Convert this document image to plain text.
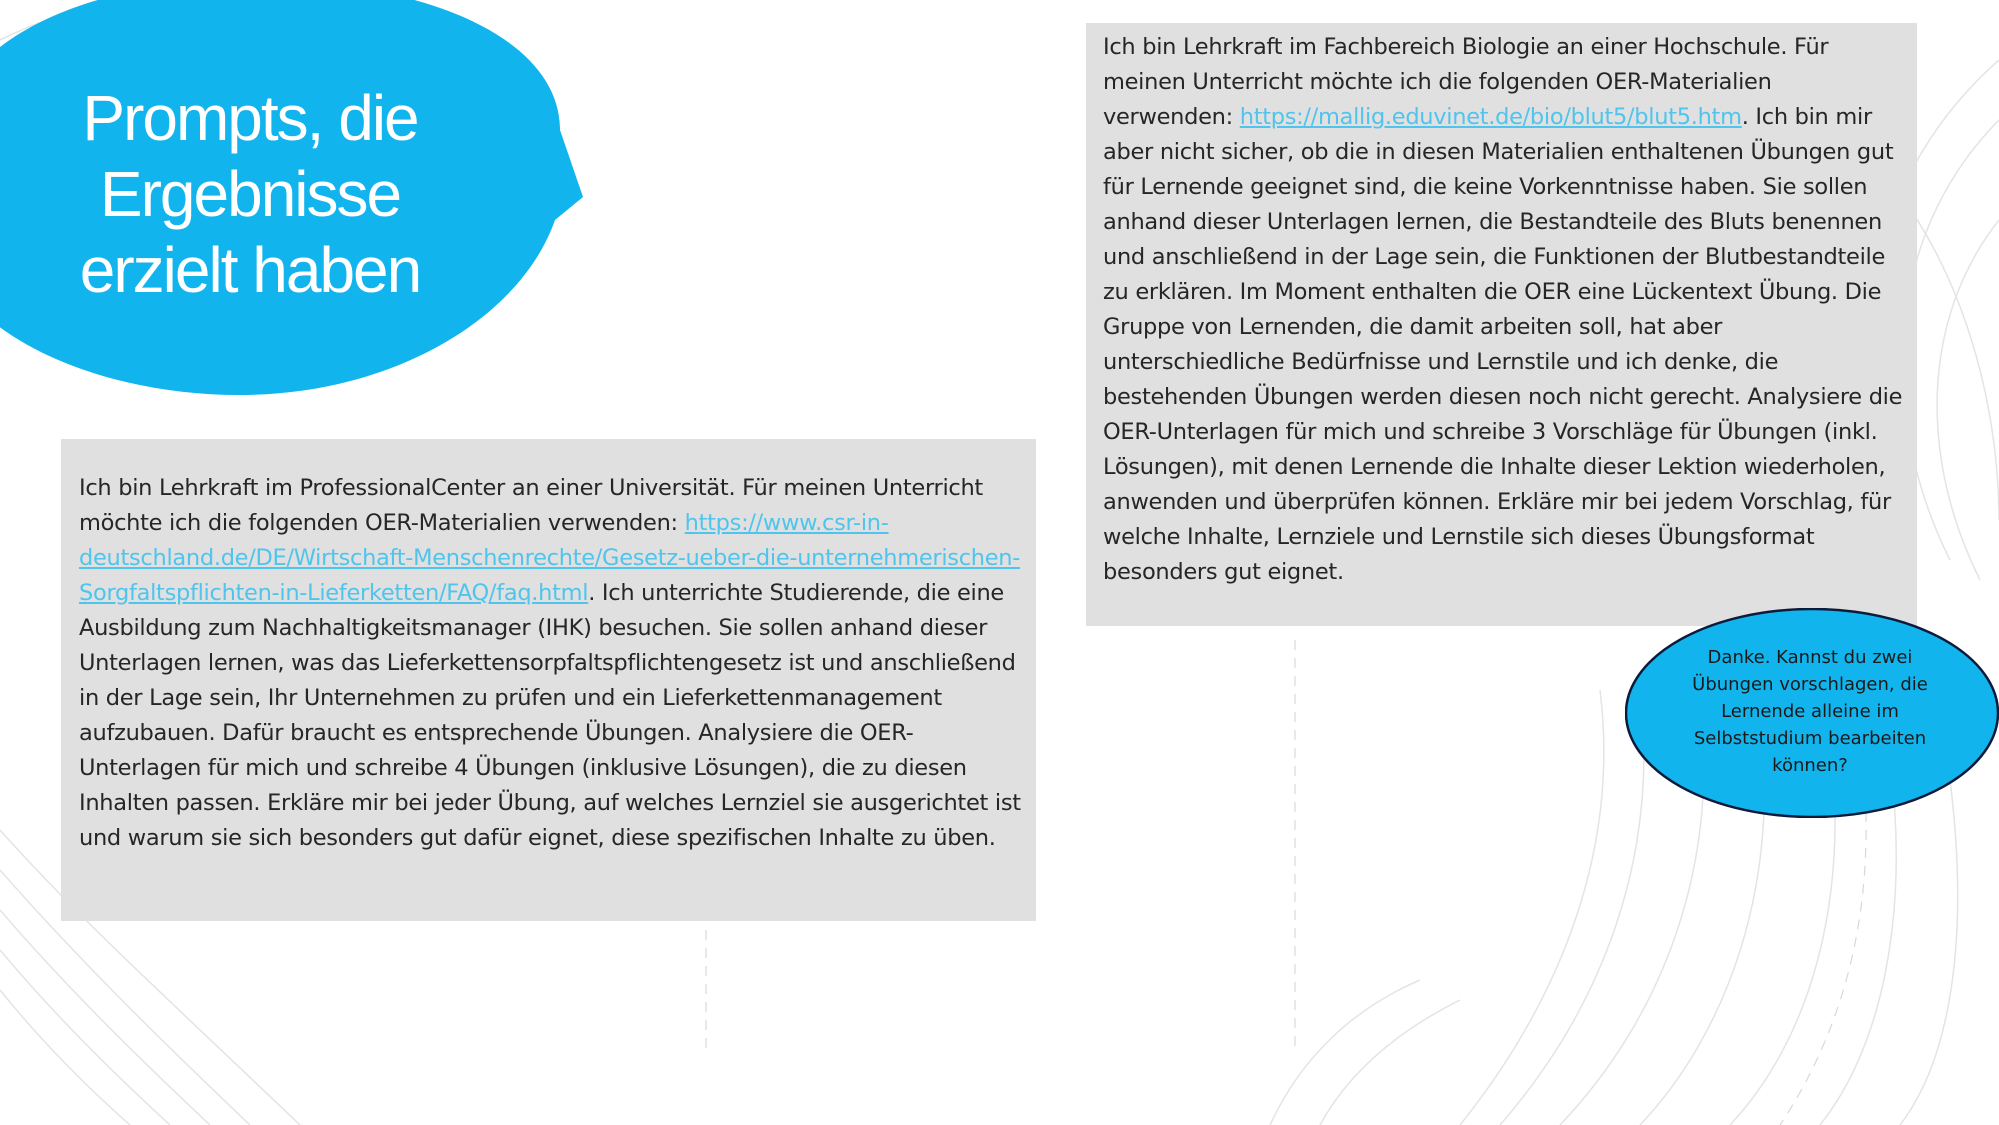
Prompts, die Ergebnisse erzielt haben
Ich bin Lehrkraft im ProfessionalCenter an einer Universität. Für meinen Unterricht möchte ich die folgenden OER-Materialien verwenden: https://www.csr-in-deutschland.de/DE/Wirtschaft-Menschenrechte/Gesetz-ueber-die-unternehmerischen-Sorgfaltspflichten-in-Lieferketten/FAQ/faq.html. Ich unterrichte Studierende, die eine Ausbildung zum Nachhaltigkeitsmanager (IHK) besuchen. Sie sollen anhand dieser Unterlagen lernen, was das Lieferkettensorpfaltspflichtengesetz ist und anschließend in der Lage sein, Ihr Unternehmen zu prüfen und ein Lieferkettenmanagement aufzubauen. Dafür braucht es entsprechende Übungen. Analysiere die OER-Unterlagen für mich und schreibe 4 Übungen (inklusive Lösungen), die zu diesen Inhalten passen. Erkläre mir bei jeder Übung, auf welches Lernziel sie ausgerichtet ist und warum sie sich besonders gut dafür eignet, diese spezifischen Inhalte zu üben.
Ich bin Lehrkraft im Fachbereich Biologie an einer Hochschule. Für meinen Unterricht möchte ich die folgenden OER-Materialien verwenden: https://mallig.eduvinet.de/bio/blut5/blut5.htm. Ich bin mir aber nicht sicher, ob die in diesen Materialien enthaltenen Übungen gut für Lernende geeignet sind, die keine Vorkenntnisse haben. Sie sollen anhand dieser Unterlagen lernen, die Bestandteile des Bluts benennen und anschließend in der Lage sein, die Funktionen der Blutbestandteile zu erklären. Im Moment enthalten die OER eine Lückentext Übung. Die Gruppe von Lernenden, die damit arbeiten soll, hat aber unterschiedliche Bedürfnisse und Lernstile und ich denke, die bestehenden Übungen werden diesen noch nicht gerecht. Analysiere die OER-Unterlagen für mich und schreibe 3 Vorschläge für Übungen (inkl. Lösungen), mit denen Lernende die Inhalte dieser Lektion wiederholen, anwenden und überprüfen können. Erkläre mir bei jedem Vorschlag, für welche Inhalte, Lernziele und Lernstile sich dieses Übungsformat besonders gut eignet.

Danke. Kannst du zwei Übungen vorschlagen, die Lernende alleine im Selbststudium bearbeiten können?
